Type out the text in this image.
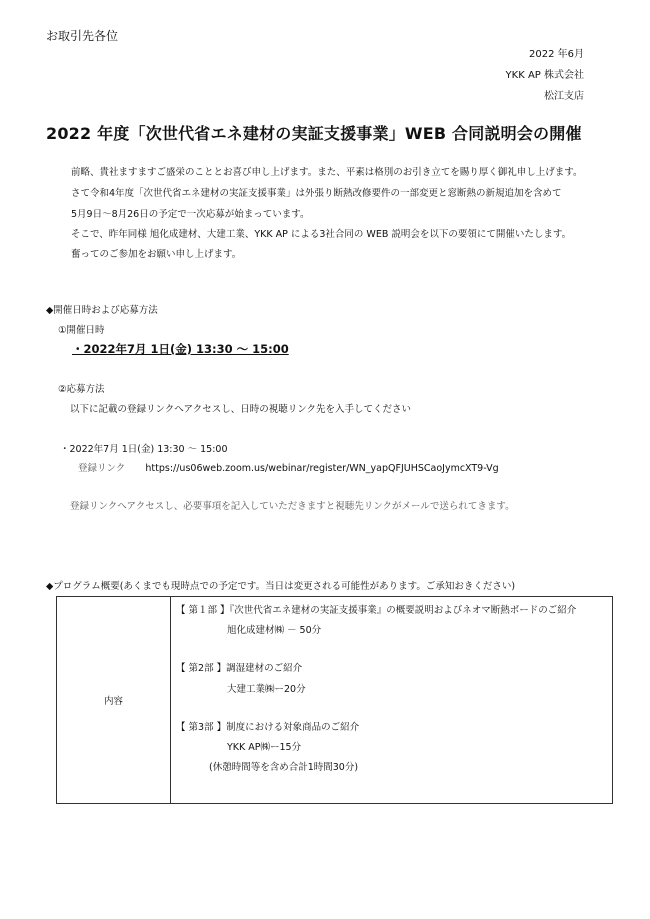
お取引先各位
2022 年6月
YKK AP 株式会社
松江支店
2022 年度「次世代省エネ建材の実証支援事業」WEB 合同説明会の開催
前略、貴社ますますご盛栄のこととお喜び申し上げます。また、平素は格別のお引き立てを賜り厚く御礼申し上げます。
さて令和4年度「次世代省エネ建材の実証支援事業」は外張り断熱改修要件の一部変更と窓断熱の新規追加を含めて
5月9日～8月26日の予定で一次応募が始まっています。
そこで、昨年同様 旭化成建材、大建工業、YKK AP による3社合同の WEB 説明会を以下の要領にて開催いたします。
奮ってのご参加をお願い申し上げます。
◆開催日時および応募方法
①開催日時
・2022年7月 1日(金) 13:30 ～ 15:00
②応募方法
以下に記載の登録リンクへアクセスし、日時の視聴リンク先を入手してください
・2022年7月 1日(金) 13:30 ～ 15:00
登録リンク https://us06web.zoom.us/webinar/register/WN_yapQFJUHSCaoJymcXT9-Vg
登録リンクへアクセスし、必要事項を記入していただきますと視聴先リンクがメールで送られてきます。
◆プログラム概要(あくまでも現時点での予定です。当日は変更される可能性があります。ご承知おきください)
内容	
【 第１部 】『次世代省エネ建材の実証支援事業』の概要説明およびネオマ断熱ボードのご紹介
旭化成建材㈱ － 50分
【 第2部 】調湿建材のご紹介
大建工業㈱ー20分
【 第3部 】制度における対象商品のご紹介
YKK AP㈱ー15分
(休憩時間等を含め合計1時間30分)
